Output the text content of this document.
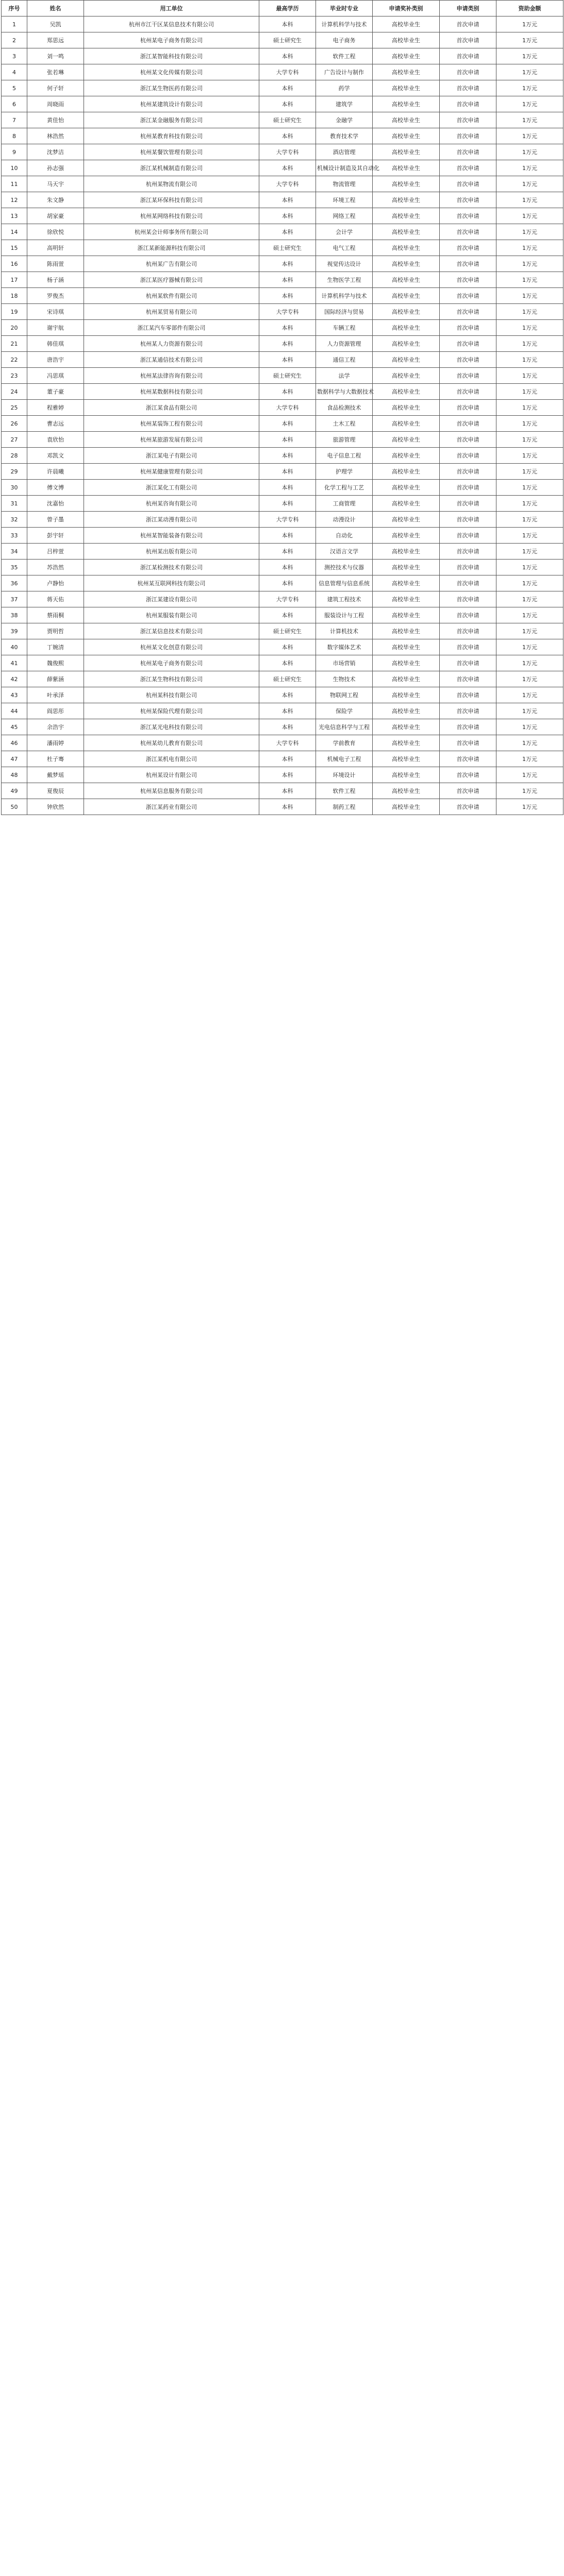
序号	姓名	用工单位	最高学历	毕业时专业	申请奖补类别	申请类别	资助金额
1	吴凯	杭州市江干区某信息技术有限公司	本科	计算机科学与技术	高校毕业生	首次申请	1万元
2	郑思远	杭州某电子商务有限公司	硕士研究生	电子商务	高校毕业生	首次申请	1万元
3	刘一鸣	浙江某智能科技有限公司	本科	软件工程	高校毕业生	首次申请	1万元
4	张若琳	杭州某文化传媒有限公司	大学专科	广告设计与制作	高校毕业生	首次申请	1万元
5	何子轩	浙江某生物医药有限公司	本科	药学	高校毕业生	首次申请	1万元
6	周晓雨	杭州某建筑设计有限公司	本科	建筑学	高校毕业生	首次申请	1万元
7	黄佳怡	浙江某金融服务有限公司	硕士研究生	金融学	高校毕业生	首次申请	1万元
8	林浩然	杭州某教育科技有限公司	本科	教育技术学	高校毕业生	首次申请	1万元
9	沈梦洁	杭州某餐饮管理有限公司	大学专科	酒店管理	高校毕业生	首次申请	1万元
10	孙志强	浙江某机械制造有限公司	本科	机械设计制造及其自动化	高校毕业生	首次申请	1万元
11	马天宇	杭州某物流有限公司	大学专科	物流管理	高校毕业生	首次申请	1万元
12	朱文静	浙江某环保科技有限公司	本科	环境工程	高校毕业生	首次申请	1万元
13	胡家豪	杭州某网络科技有限公司	本科	网络工程	高校毕业生	首次申请	1万元
14	徐欣悦	杭州某会计师事务所有限公司	本科	会计学	高校毕业生	首次申请	1万元
15	高明轩	浙江某新能源科技有限公司	硕士研究生	电气工程	高校毕业生	首次申请	1万元
16	陈雨萱	杭州某广告有限公司	本科	视觉传达设计	高校毕业生	首次申请	1万元
17	杨子涵	浙江某医疗器械有限公司	本科	生物医学工程	高校毕业生	首次申请	1万元
18	罗俊杰	杭州某软件有限公司	本科	计算机科学与技术	高校毕业生	首次申请	1万元
19	宋诗琪	杭州某贸易有限公司	大学专科	国际经济与贸易	高校毕业生	首次申请	1万元
20	谢宇航	浙江某汽车零部件有限公司	本科	车辆工程	高校毕业生	首次申请	1万元
21	韩佳琪	杭州某人力资源有限公司	本科	人力资源管理	高校毕业生	首次申请	1万元
22	唐浩宇	浙江某通信技术有限公司	本科	通信工程	高校毕业生	首次申请	1万元
23	冯思琪	杭州某法律咨询有限公司	硕士研究生	法学	高校毕业生	首次申请	1万元
24	董子豪	杭州某数据科技有限公司	本科	数据科学与大数据技术	高校毕业生	首次申请	1万元
25	程雅婷	浙江某食品有限公司	大学专科	食品检测技术	高校毕业生	首次申请	1万元
26	曹志远	杭州某装饰工程有限公司	本科	土木工程	高校毕业生	首次申请	1万元
27	袁欣怡	杭州某旅游发展有限公司	本科	旅游管理	高校毕业生	首次申请	1万元
28	邓凯文	浙江某电子有限公司	本科	电子信息工程	高校毕业生	首次申请	1万元
29	许晨曦	杭州某健康管理有限公司	本科	护理学	高校毕业生	首次申请	1万元
30	傅文博	浙江某化工有限公司	本科	化学工程与工艺	高校毕业生	首次申请	1万元
31	沈嘉怡	杭州某咨询有限公司	本科	工商管理	高校毕业生	首次申请	1万元
32	曾子墨	浙江某动漫有限公司	大学专科	动漫设计	高校毕业生	首次申请	1万元
33	彭宇轩	杭州某智能装备有限公司	本科	自动化	高校毕业生	首次申请	1万元
34	吕梓萱	杭州某出版有限公司	本科	汉语言文学	高校毕业生	首次申请	1万元
35	苏浩然	浙江某检测技术有限公司	本科	测控技术与仪器	高校毕业生	首次申请	1万元
36	卢静怡	杭州某互联网科技有限公司	本科	信息管理与信息系统	高校毕业生	首次申请	1万元
37	蒋天佑	浙江某建设有限公司	大学专科	建筑工程技术	高校毕业生	首次申请	1万元
38	蔡雨桐	杭州某服装有限公司	本科	服装设计与工程	高校毕业生	首次申请	1万元
39	贾明哲	浙江某信息技术有限公司	硕士研究生	计算机技术	高校毕业生	首次申请	1万元
40	丁婉清	杭州某文化创意有限公司	本科	数字媒体艺术	高校毕业生	首次申请	1万元
41	魏俊熙	杭州某电子商务有限公司	本科	市场营销	高校毕业生	首次申请	1万元
42	薛紫涵	浙江某生物科技有限公司	硕士研究生	生物技术	高校毕业生	首次申请	1万元
43	叶承泽	杭州某科技有限公司	本科	物联网工程	高校毕业生	首次申请	1万元
44	阎思彤	杭州某保险代理有限公司	本科	保险学	高校毕业生	首次申请	1万元
45	余浩宇	浙江某光电科技有限公司	本科	光电信息科学与工程	高校毕业生	首次申请	1万元
46	潘雨婷	杭州某幼儿教育有限公司	大学专科	学前教育	高校毕业生	首次申请	1万元
47	杜子骞	浙江某机电有限公司	本科	机械电子工程	高校毕业生	首次申请	1万元
48	戴梦瑶	杭州某设计有限公司	本科	环境设计	高校毕业生	首次申请	1万元
49	夏俊辰	杭州某信息服务有限公司	本科	软件工程	高校毕业生	首次申请	1万元
50	钟欣然	浙江某药业有限公司	本科	制药工程	高校毕业生	首次申请	1万元
